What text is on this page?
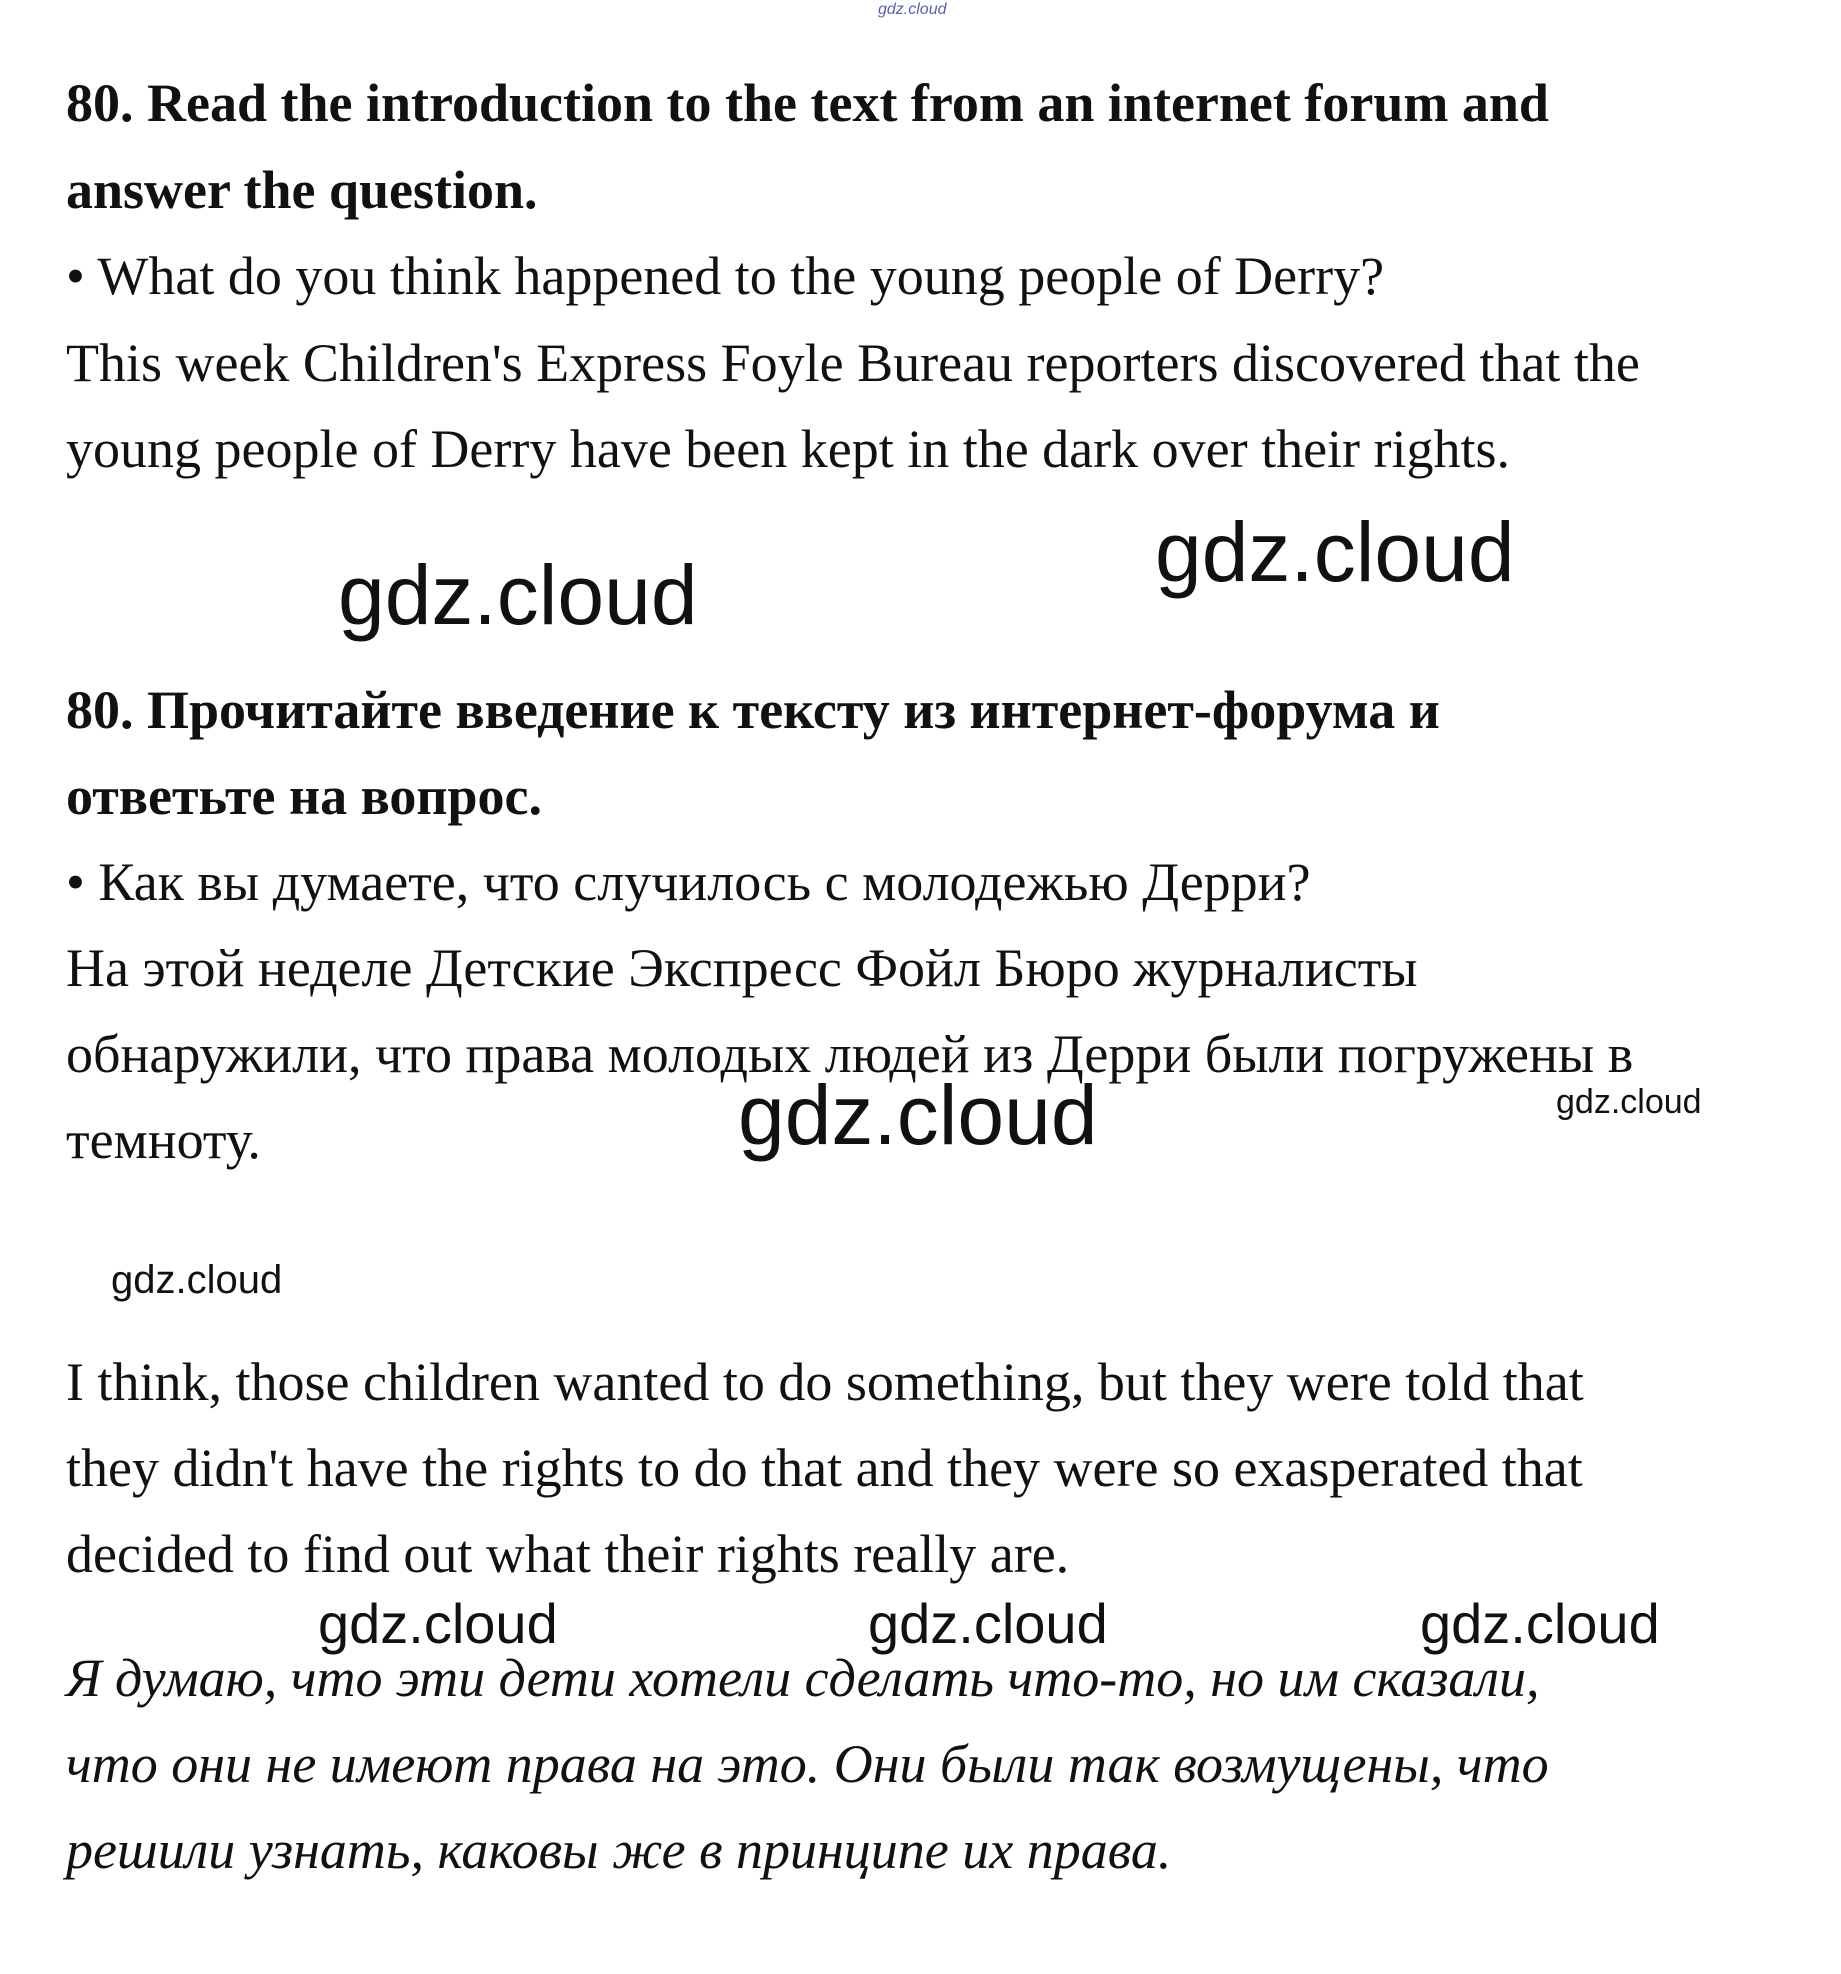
gdz.cloud
80. Read the introduction to the text from an internet forum and
answer the question.
• What do you think happened to the young people of Derry?
This week Children's Express Foyle Bureau reporters discovered that the
young people of Derry have been kept in the dark over their rights.
gdz.cloud	gdz.cloud
80. Прочитайте введение к тексту из интернет-форума и
ответьте на вопрос.
• Как вы думаете, что случилось с молодежью Дерри?
На этой неделе Детские Экспресс Фойл Бюро журналисты
обнаружили, что права молодых людей из Дерри были погружены в
темноту.	gdz.cloud	gdz.cloud
gdz.cloud
I think, those children wanted to do something, but they were told that
they didn't have the rights to do that and they were so exasperated that
decided to find out what their rights really are.
gdz.cloud	gdz.cloud	gdz.cloud
Я думаю, что эти дети хотели сделать что-то, но им сказали,
что они не имеют права на это. Они были так возмущены, что
решили узнать, каковы же в принципе их права.
